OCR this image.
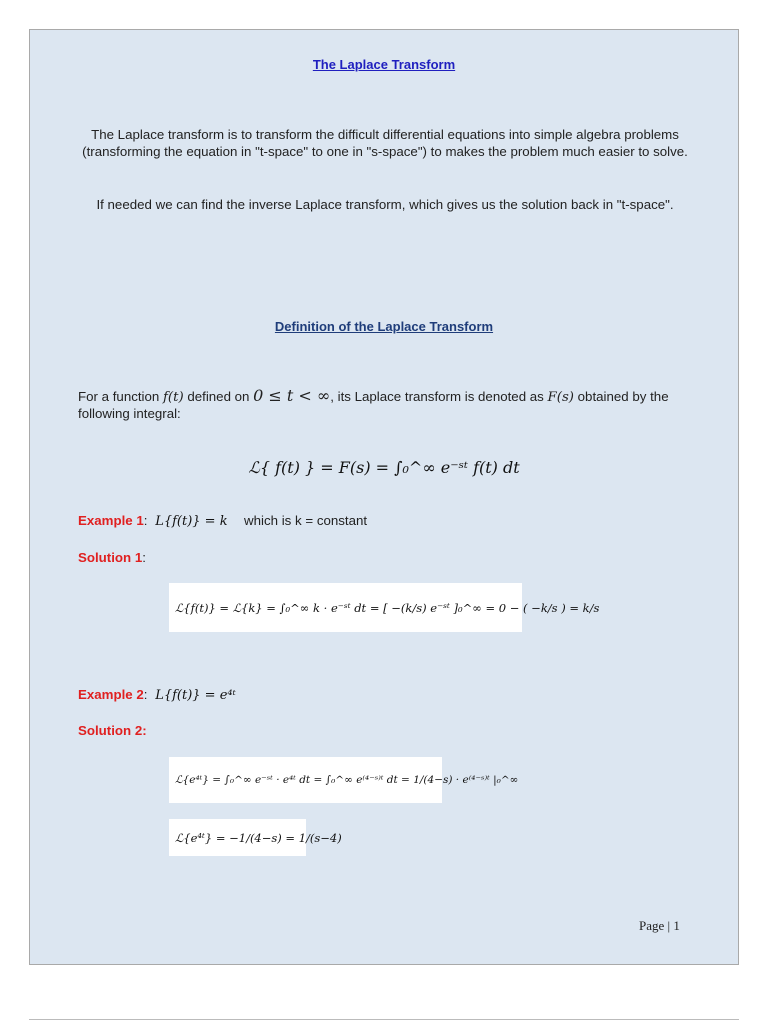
The Laplace Transform
The Laplace transform is to transform the difficult differential equations into simple algebra problems (transforming the equation in "t-space" to one in "s-space") to makes the problem much easier to solve.
If needed we can find the inverse Laplace transform, which gives us the solution back in "t-space".
Definition of the Laplace Transform
For a function f(t) defined on 0 ≤ t < ∞, its Laplace transform is denoted as F(s) obtained by the following integral:
ℒ{ f(t) } = F(s) = ∫₀^∞ e⁻ˢᵗ f(t) dt
Example 1: L{f(t)} = k which is k = constant
Solution 1:
ℒ{f(t)} = ℒ{k} = ∫₀^∞ k · e⁻ˢᵗ dt = [ −(k/s) e⁻ˢᵗ ]₀^∞ = 0 − ( −k/s ) = k/s
Example 2: L{f(t)} = e⁴ᵗ
Solution 2:
ℒ{e⁴ᵗ} = ∫₀^∞ e⁻ˢᵗ · e⁴ᵗ dt = ∫₀^∞ e⁽⁴⁻ˢ⁾ᵗ dt = 1/(4−s) · e⁽⁴⁻ˢ⁾ᵗ |₀^∞
ℒ{e⁴ᵗ} = −1/(4−s) = 1/(s−4)
Page | 1
